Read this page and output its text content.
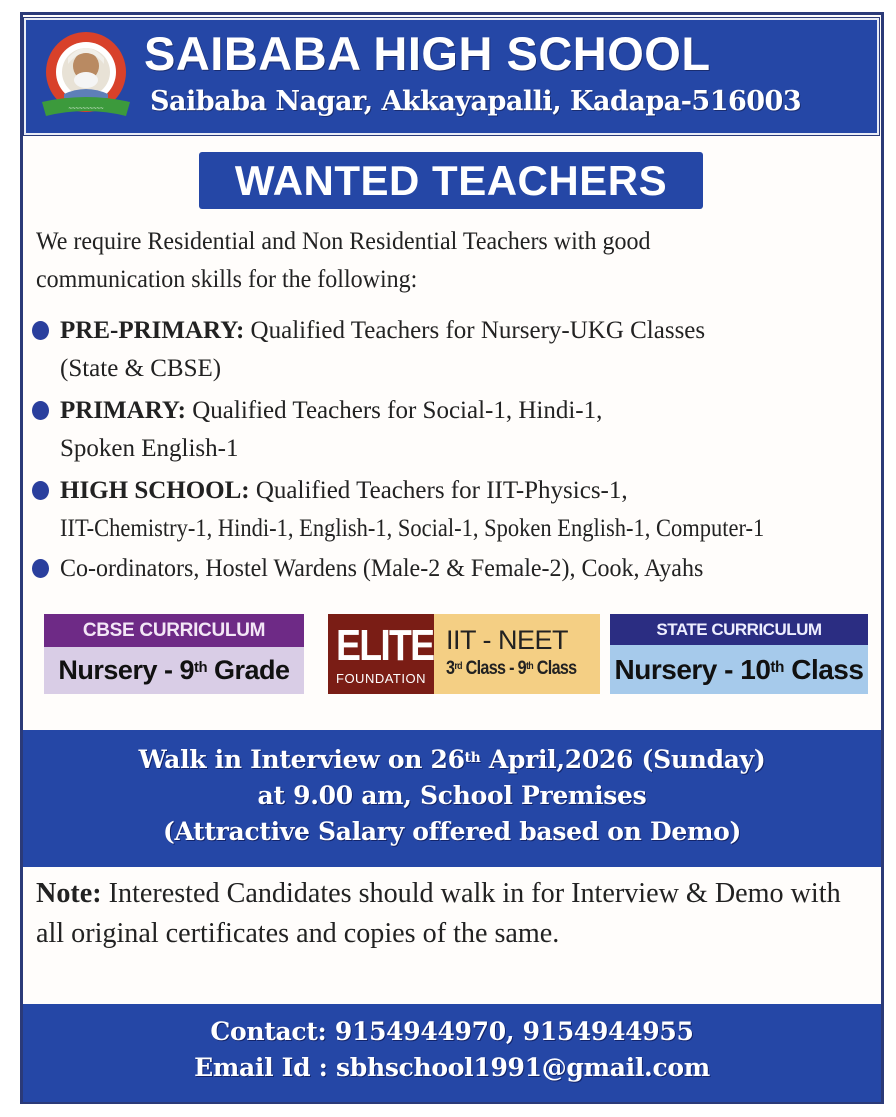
~~~~~~~~~~
SAIBABA HIGH SCHOOL
Saibaba Nagar, Akkayapalli, Kadapa-516003
WANTED TEACHERS
We require Residential and Non Residential Teachers with good
communication skills for the following:
PRE-PRIMARY: Qualified Teachers for Nursery-UKG Classes
(State & CBSE)
PRIMARY: Qualified Teachers for Social-1, Hindi-1,
Spoken English-1
HIGH SCHOOL: Qualified Teachers for IIT-Physics-1,
IIT-Chemistry-1, Hindi-1, English-1, Social-1, Spoken English-1, Computer-1
Co-ordinators, Hostel Wardens (Male-2 & Female-2), Cook, Ayahs
CBSE CURRICULUM
Nursery - 9th Grade	ELITE
FOUNDATION
IIT - NEET
3rd Class - 9th Class
STATE CURRICULUM
Nursery - 10th Class
Walk in Interview on 26th April,2026 (Sunday)
at 9.00 am, School Premises
(Attractive Salary offered based on Demo)
Note: Interested Candidates should walk in for Interview & Demo with all original certificates and copies of the same.
Contact: 9154944970, 9154944955
Email Id : sbhschool1991@gmail.com
